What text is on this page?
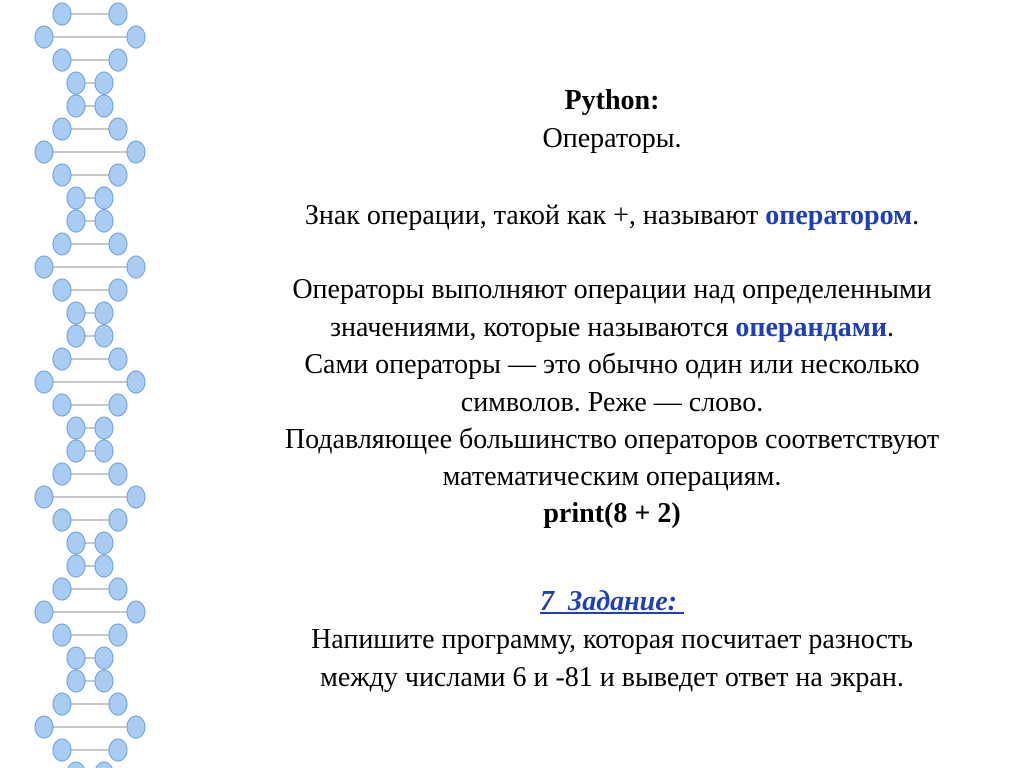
Python:
Операторы.
Знак операции, такой как +, называют оператором.
Операторы выполняют операции над определенными
значениями, которые называются операндами.
Сами операторы — это обычно один или несколько
символов. Реже — слово.
Подавляющее большинство операторов соответствуют
математическим операциям.
print(8 + 2)
7  Задание:
Напишите программу, которая посчитает разность
между числами 6 и -81 и выведет ответ на экран.
